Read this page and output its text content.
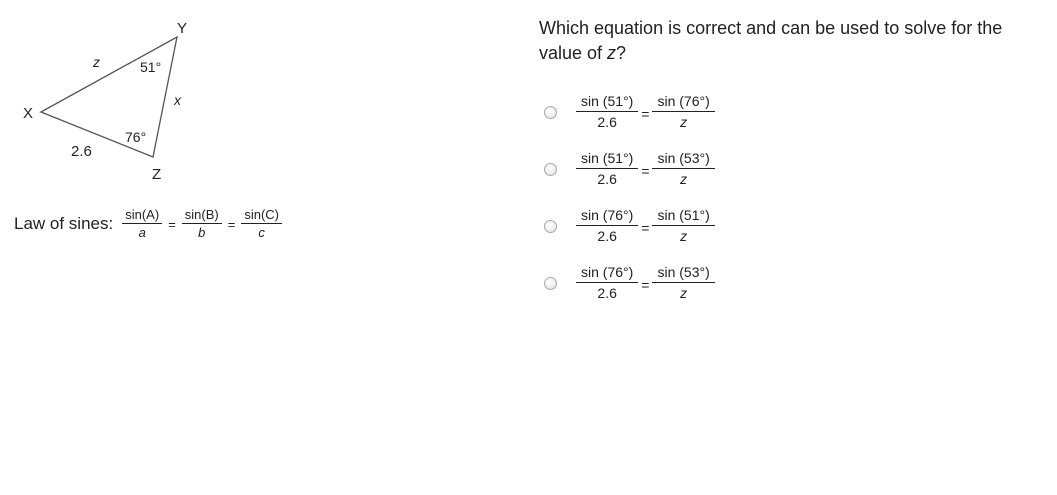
X
Y
Z
z
x
2.6
51°
76°
Law of sines: $\frac{\sin(A)}{a} = \frac{\sin(B)}{b} = \frac{\sin(C)}{c}$
Which equation is correct and can be used to solve for the value of z?
$\frac{\sin (51^\circ)}{2.6} = \frac{\sin (76^\circ)}{z}$
$\frac{\sin (51^\circ)}{2.6} = \frac{\sin (53^\circ)}{z}$
$\frac{\sin (76^\circ)}{2.6} = \frac{\sin (51^\circ)}{z}$
$\frac{\sin (76^\circ)}{2.6} = \frac{\sin (53^\circ)}{z}$
